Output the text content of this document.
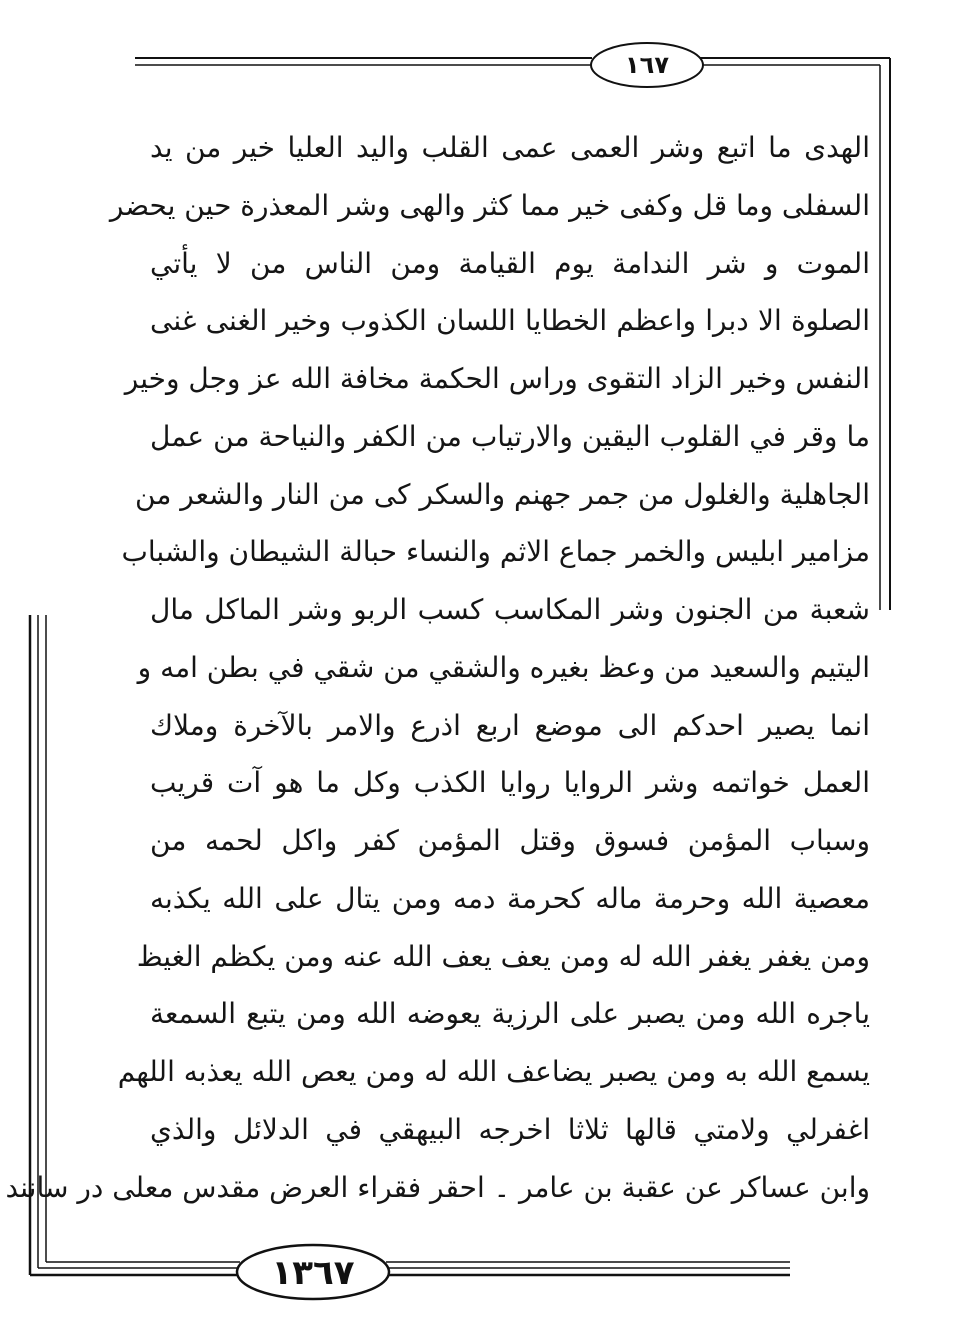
١٦٧
١٣٦٧
الهدى ما اتبع وشر العمى عمى القلب واليد العليا خير من يد
السفلى وما قل وكفى خير مما كثر والهى وشر المعذرة حين يحضر
الموت و شر الندامة يوم القيامة ومن الناس من لا يأتي
الصلوة الا دبرا واعظم الخطايا اللسان الكذوب وخير الغنى غنى
النفس وخير الزاد التقوى وراس الحكمة مخافة الله عز وجل وخير
ما وقر في القلوب اليقين والارتياب من الكفر والنياحة من عمل
الجاهلية والغلول من جمر جهنم والسكر كى من النار والشعر من
مزامير ابليس والخمر جماع الاثم والنساء حبالة الشيطان والشباب
شعبة من الجنون وشر المكاسب كسب الربو وشر الماكل مال
اليتيم والسعيد من وعظ بغيره والشقي من شقي في بطن امه و
انما يصير احدكم الى موضع اربع اذرع والامر بالآخرة وملاك
العمل خواتمه وشر الروايا روايا الكذب وكل ما هو آت قريب
وسباب المؤمن فسوق وقتل المؤمن كفر واكل لحمه من
معصية الله وحرمة ماله كحرمة دمه ومن يتال على الله يكذبه
ومن يغفر يغفر الله له ومن يعف يعف الله عنه ومن يكظم الغيظ
ياجره الله ومن يصبر على الرزية يعوضه الله ومن يتبع السمعة
يسمع الله به ومن يصبر يضاعف الله له ومن يعص الله يعذبه اللهم
اغفرلي ولامتي قالها ثلاثا اخرجه البيهقي في الدلائل والذي
وابن عساكر عن عقبة بن عامر ۔ احقر فقراء العرض مقدس معلی در سانند
